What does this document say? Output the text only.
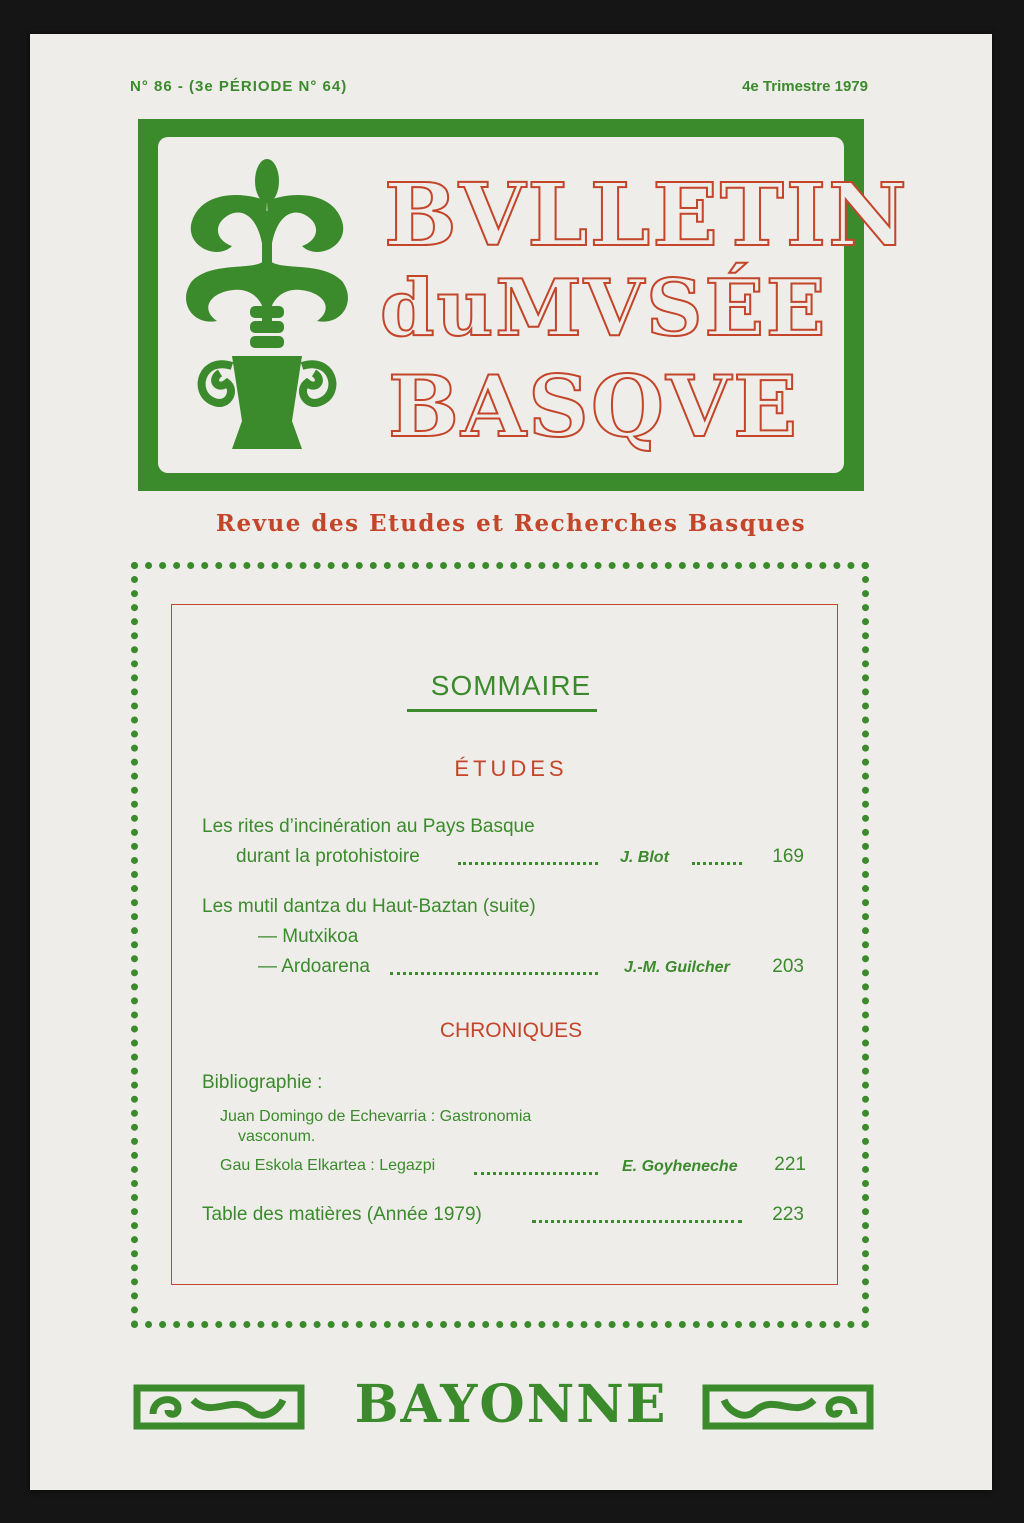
N° 86 - (3e PÉRIODE N° 64)	4e Trimestre 1979
BVLLETIN
duMVSÉE
BASQVE
Revue des Etudes et Recherches Basques
SOMMAIRE
ÉTUDES
Les rites d’incinération au Pays Basque
durant la protohistoire	J. Blot	169
Les mutil dantza du Haut-Baztan (suite)
— Mutxikoa
— Ardoarena	J.-M. Guilcher	203
CHRONIQUES
Bibliographie :
Juan Domingo de Echevarria : Gastronomia
vasconum.
Gau Eskola Elkartea : Legazpi	E. Goyheneche	221
Table des matières (Année 1979)	223
BAYONNE
